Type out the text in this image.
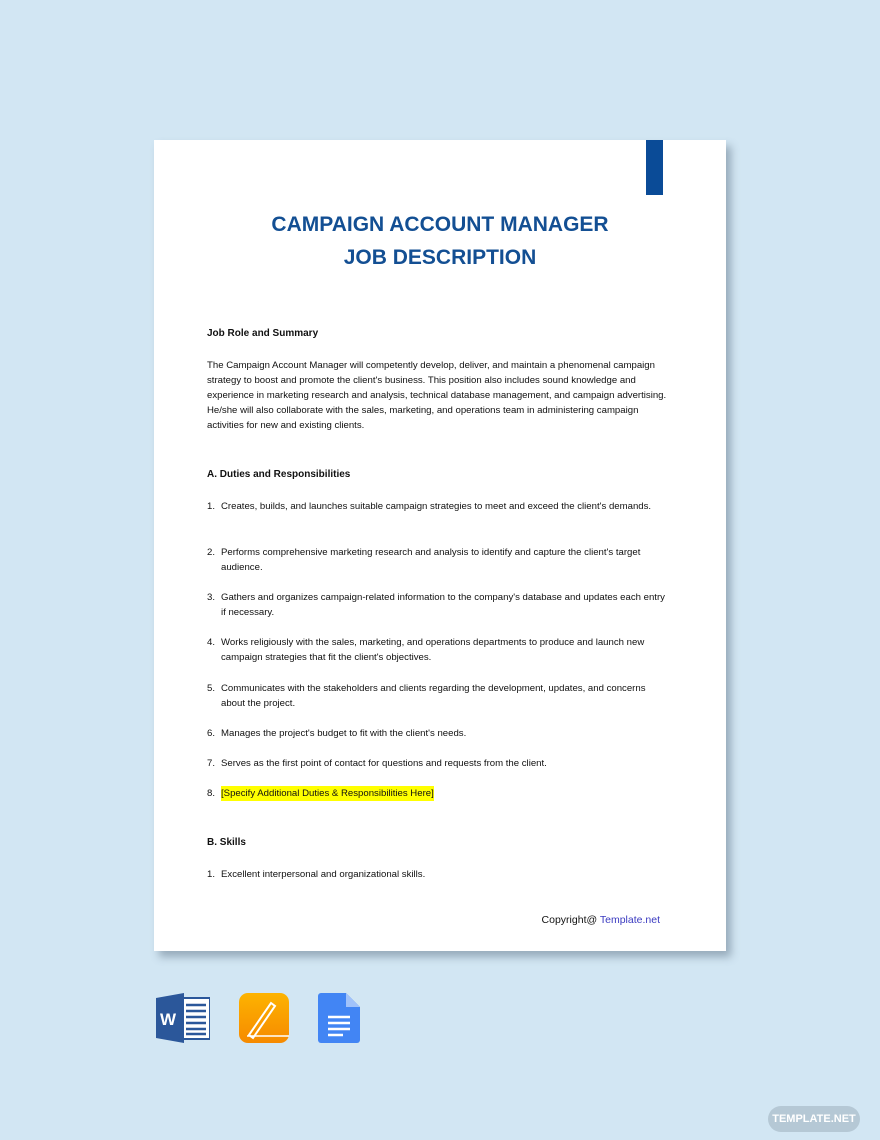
CAMPAIGN ACCOUNT MANAGER
JOB DESCRIPTION
Job Role and Summary
The Campaign Account Manager will competently develop, deliver, and maintain a phenomenal campaign strategy to boost and promote the client's business. This position also includes sound knowledge and experience in marketing research and analysis, technical database management, and campaign advertising. He/she will also collaborate with the sales, marketing, and operations team in administering campaign activities for new and existing clients.
A. Duties and Responsibilities
1. Creates, builds, and launches suitable campaign strategies to meet and exceed the client's demands.
2. Performs comprehensive marketing research and analysis to identify and capture the client's target audience.
3. Gathers and organizes campaign-related information to the company's database and updates each entry if necessary.
4. Works religiously with the sales, marketing, and operations departments to produce and launch new campaign strategies that fit the client's objectives.
5. Communicates with the stakeholders and clients regarding the development, updates, and concerns about the project.
6. Manages the project's budget to fit with the client's needs.
7. Serves as the first point of contact for questions and requests from the client.
8. [Specify Additional Duties & Responsibilities Here]
B. Skills
1. Excellent interpersonal and organizational skills.
Copyright@ Template.net
W
TEMPLATE.NET
